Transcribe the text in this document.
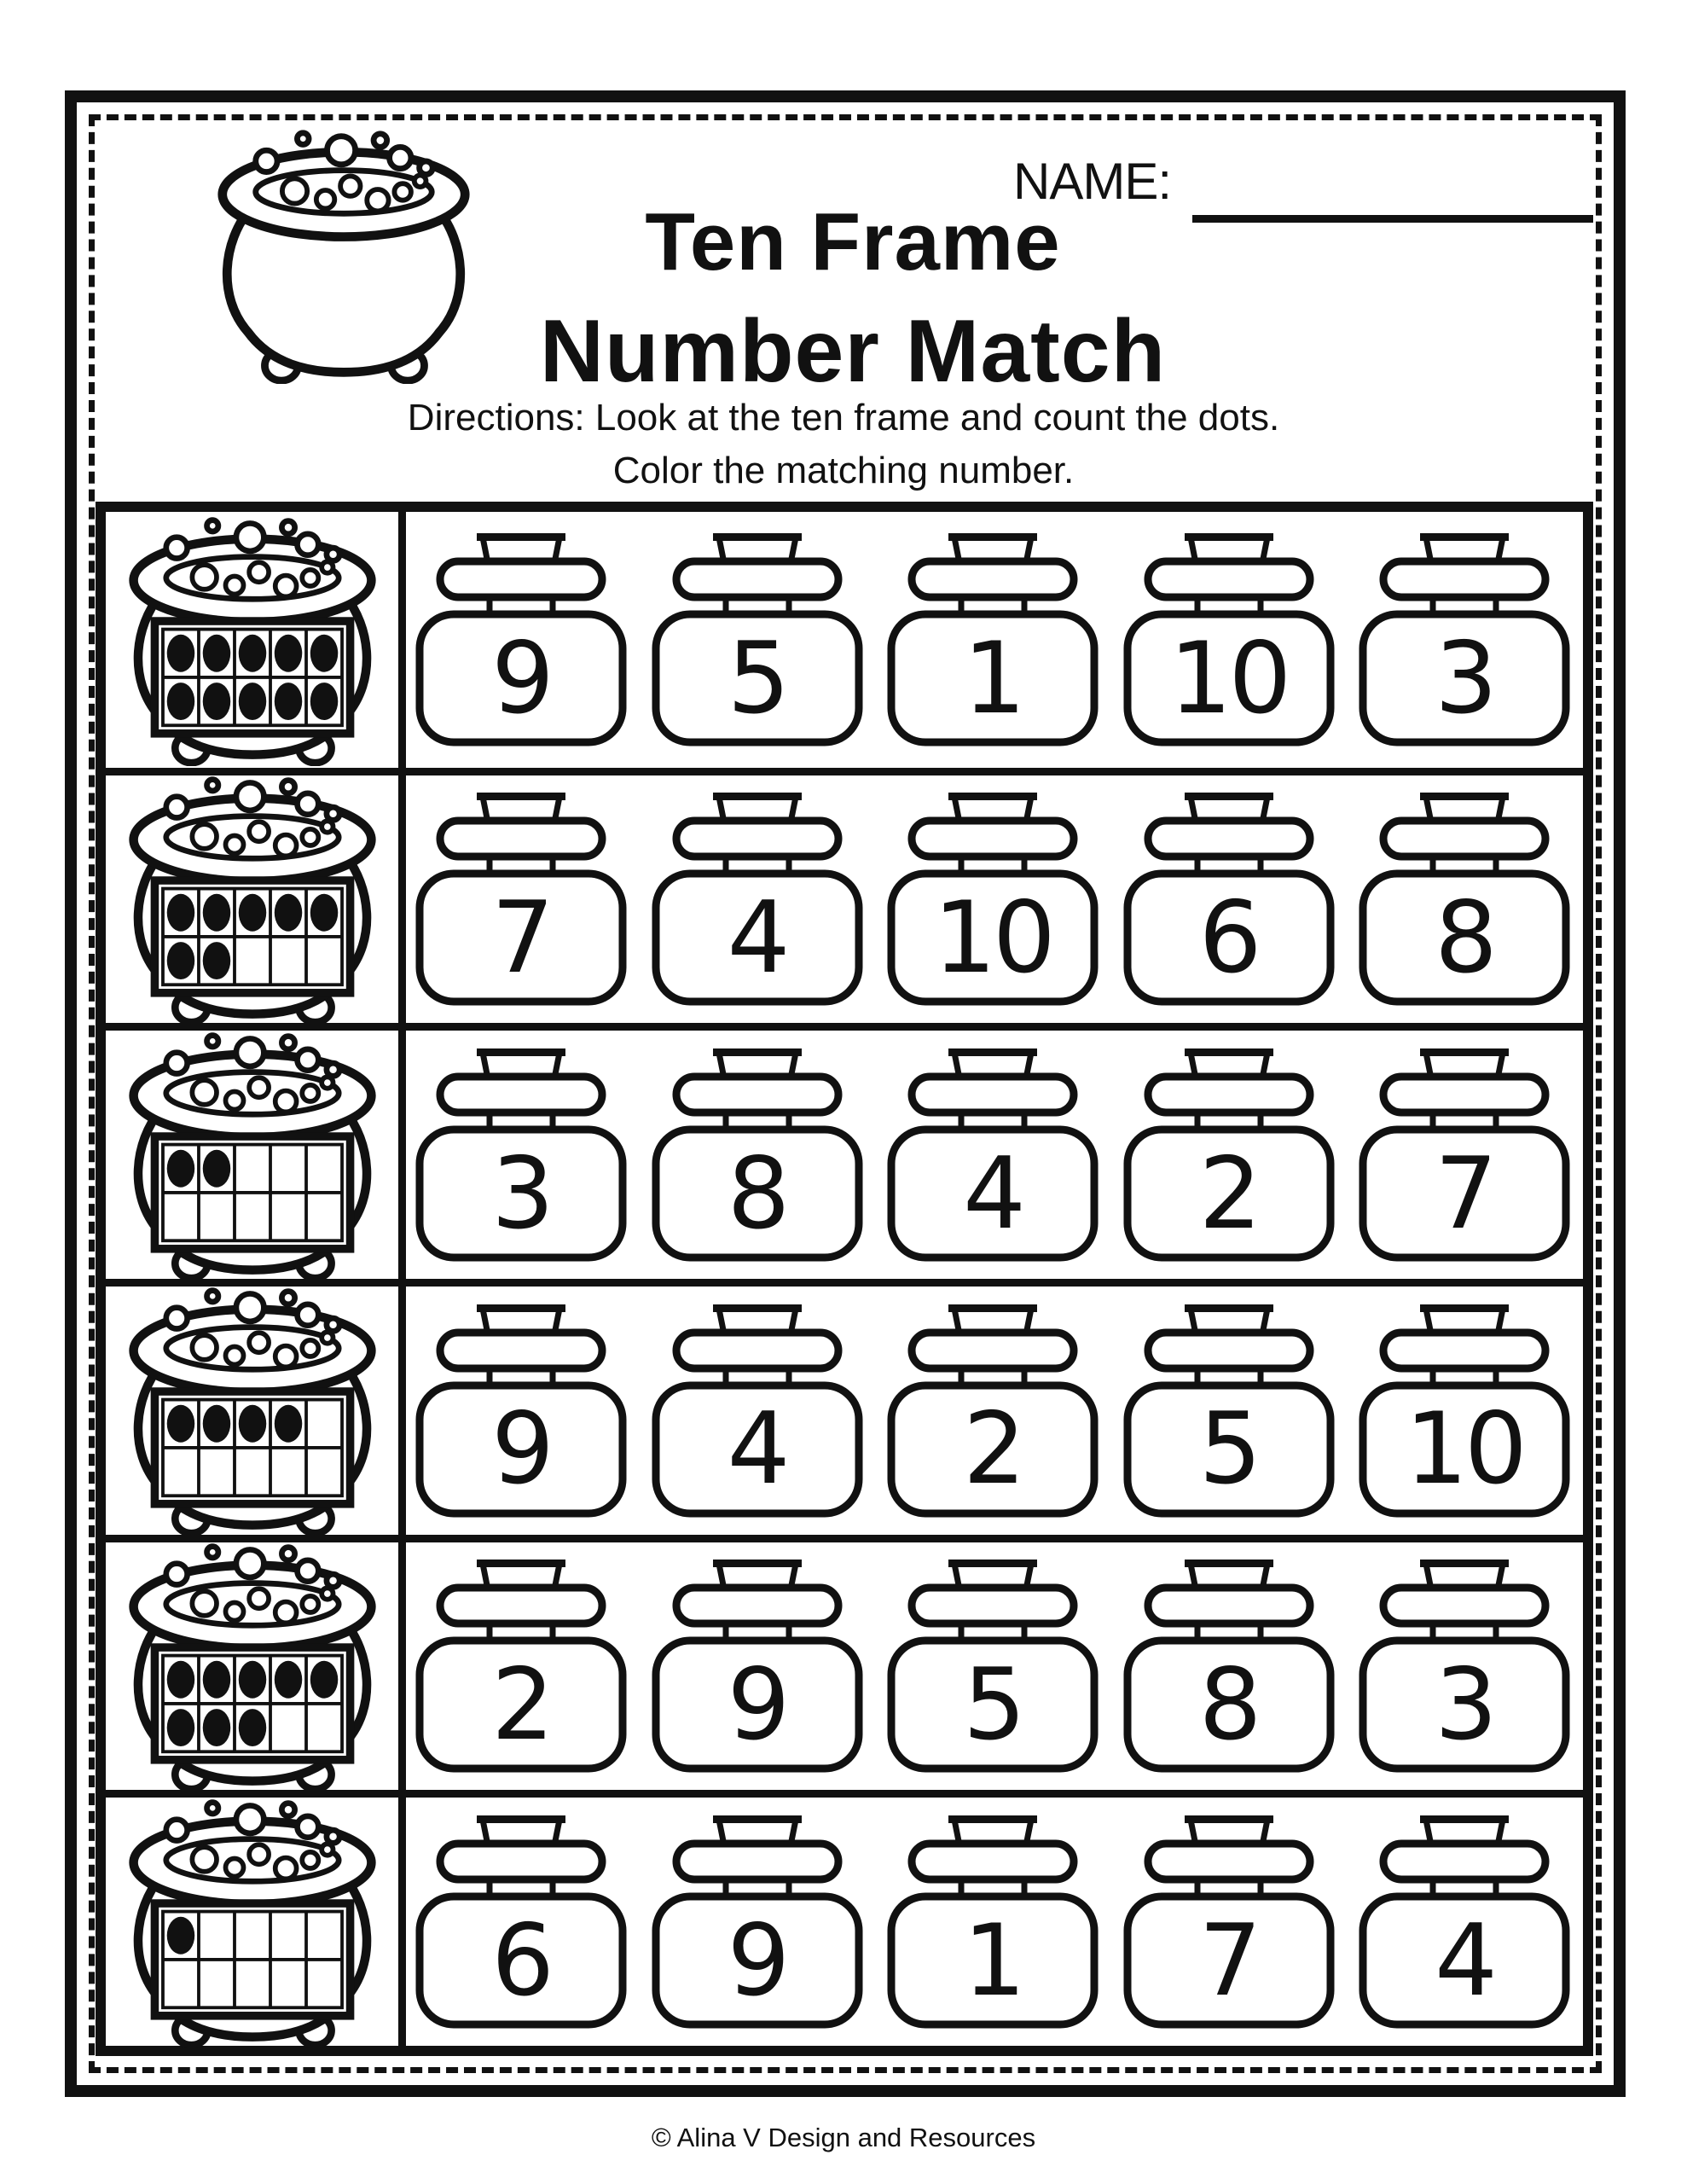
NAME:
Ten Frame
Number Match
Directions: Look at the ten frame and count the dots.
Color the matching number.
9	5	1	10	3
7	4	10	6	8
3	8	4	2	7
9	4	2	5	10
2	9	5	8	3
6	9	1	7	4
© Alina V Design and Resources
